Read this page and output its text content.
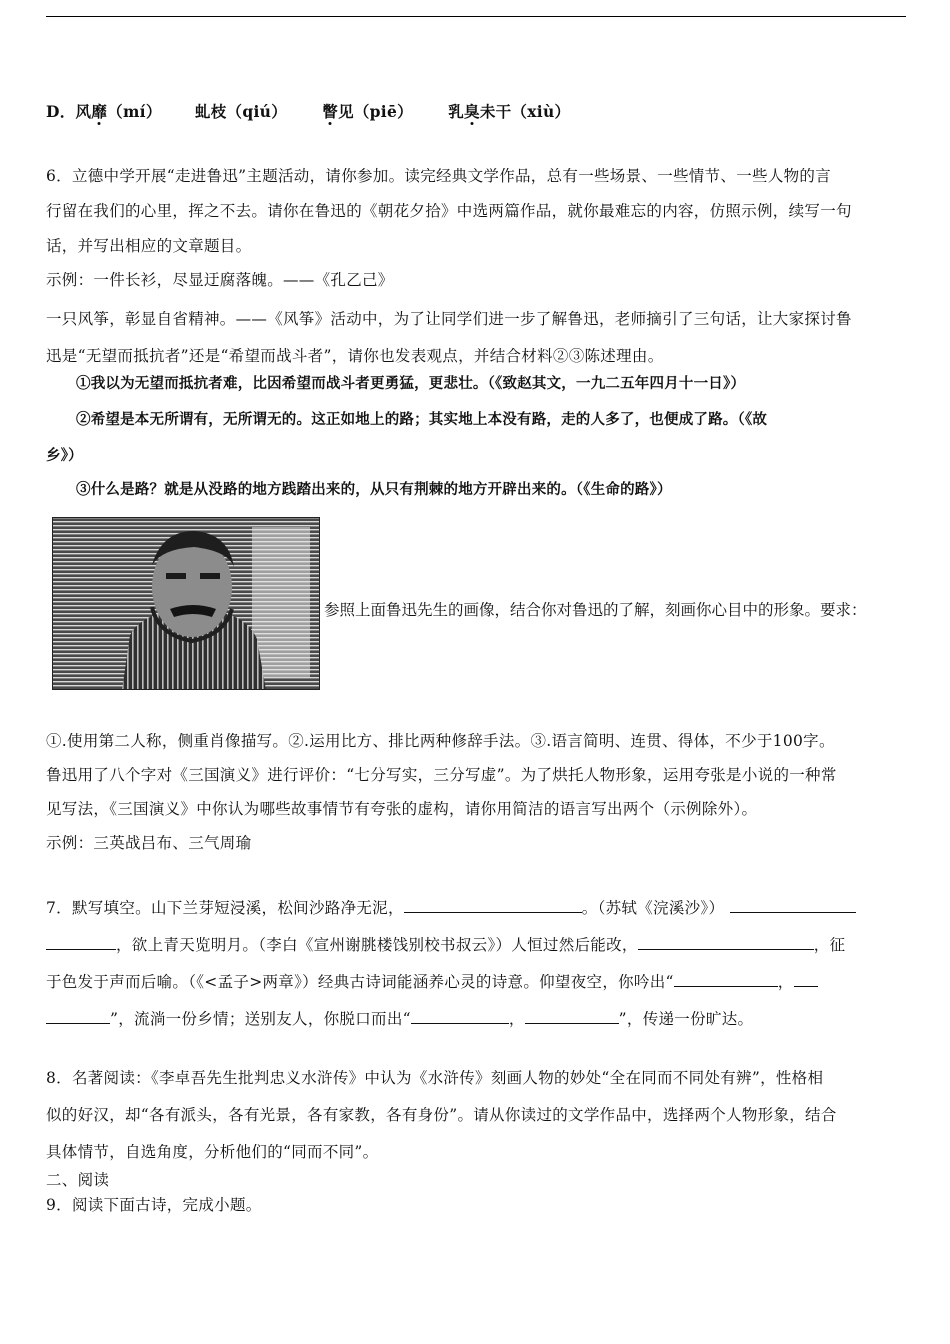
D．风靡（mí） 虬枝（qiú） 瞥见（piē） 乳臭未干（xiù）
6．立德中学开展“走进鲁迅”主题活动，请你参加。读完经典文学作品，总有一些场景、一些情节、一些人物的言
行留在我们的心里，挥之不去。请你在鲁迅的《朝花夕拾》中选两篇作品，就你最难忘的内容，仿照示例，续写一句
话，并写出相应的文章题目。
示例：一件长衫，尽显迂腐落魄。——《孔乙己》
一只风筝，彰显自省精神。——《风筝》活动中，为了让同学们进一步了解鲁迅，老师摘引了三句话，让大家探讨鲁
迅是“无望而抵抗者”还是“希望而战斗者”，请你也发表观点，并结合材料②③陈述理由。
①我以为无望而抵抗者难，比因希望而战斗者更勇猛，更悲壮。（《致赵其文，一九二五年四月十一日》）
②希望是本无所谓有，无所谓无的。这正如地上的路；其实地上本没有路，走的人多了，也便成了路。（《故
乡》）
③什么是路？就是从没路的地方践踏出来的，从只有荆棘的地方开辟出来的。（《生命的路》）
参照上面鲁迅先生的画像，结合你对鲁迅的了解，刻画你心目中的形象。要求：
①.使用第二人称，侧重肖像描写。②.运用比方、排比两种修辞手法。③.语言简明、连贯、得体，不少于100字。
鲁迅用了八个字对《三国演义》进行评价：“七分写实，三分写虚”。为了烘托人物形象，运用夸张是小说的一种常
见写法，《三国演义》中你认为哪些故事情节有夸张的虚构，请你用简洁的语言写出两个（示例除外）。
示例：三英战吕布、三气周瑜
7．默写填空。山下兰芽短浸溪，松间沙路净无泥，	。（苏轼《浣溪沙》）
，欲上青天览明月。（李白《宣州谢朓楼饯别校书叔云》）人恒过然后能改，	，征
于色发于声而后喻。（《<孟子>两章》）经典古诗词能涵养心灵的诗意。仰望夜空，你吟出“	，
”，流淌一份乡情；送别友人，你脱口而出“	，	”，传递一份旷达。
8．名著阅读：《李卓吾先生批判忠义水浒传》中认为《水浒传》刻画人物的妙处“全在同而不同处有辨”，性格相
似的好汉，却“各有派头，各有光景，各有家教，各有身份”。请从你读过的文学作品中，选择两个人物形象，结合
具体情节，自选角度，分析他们的“同而不同”。
二、阅读
9．阅读下面古诗，完成小题。
